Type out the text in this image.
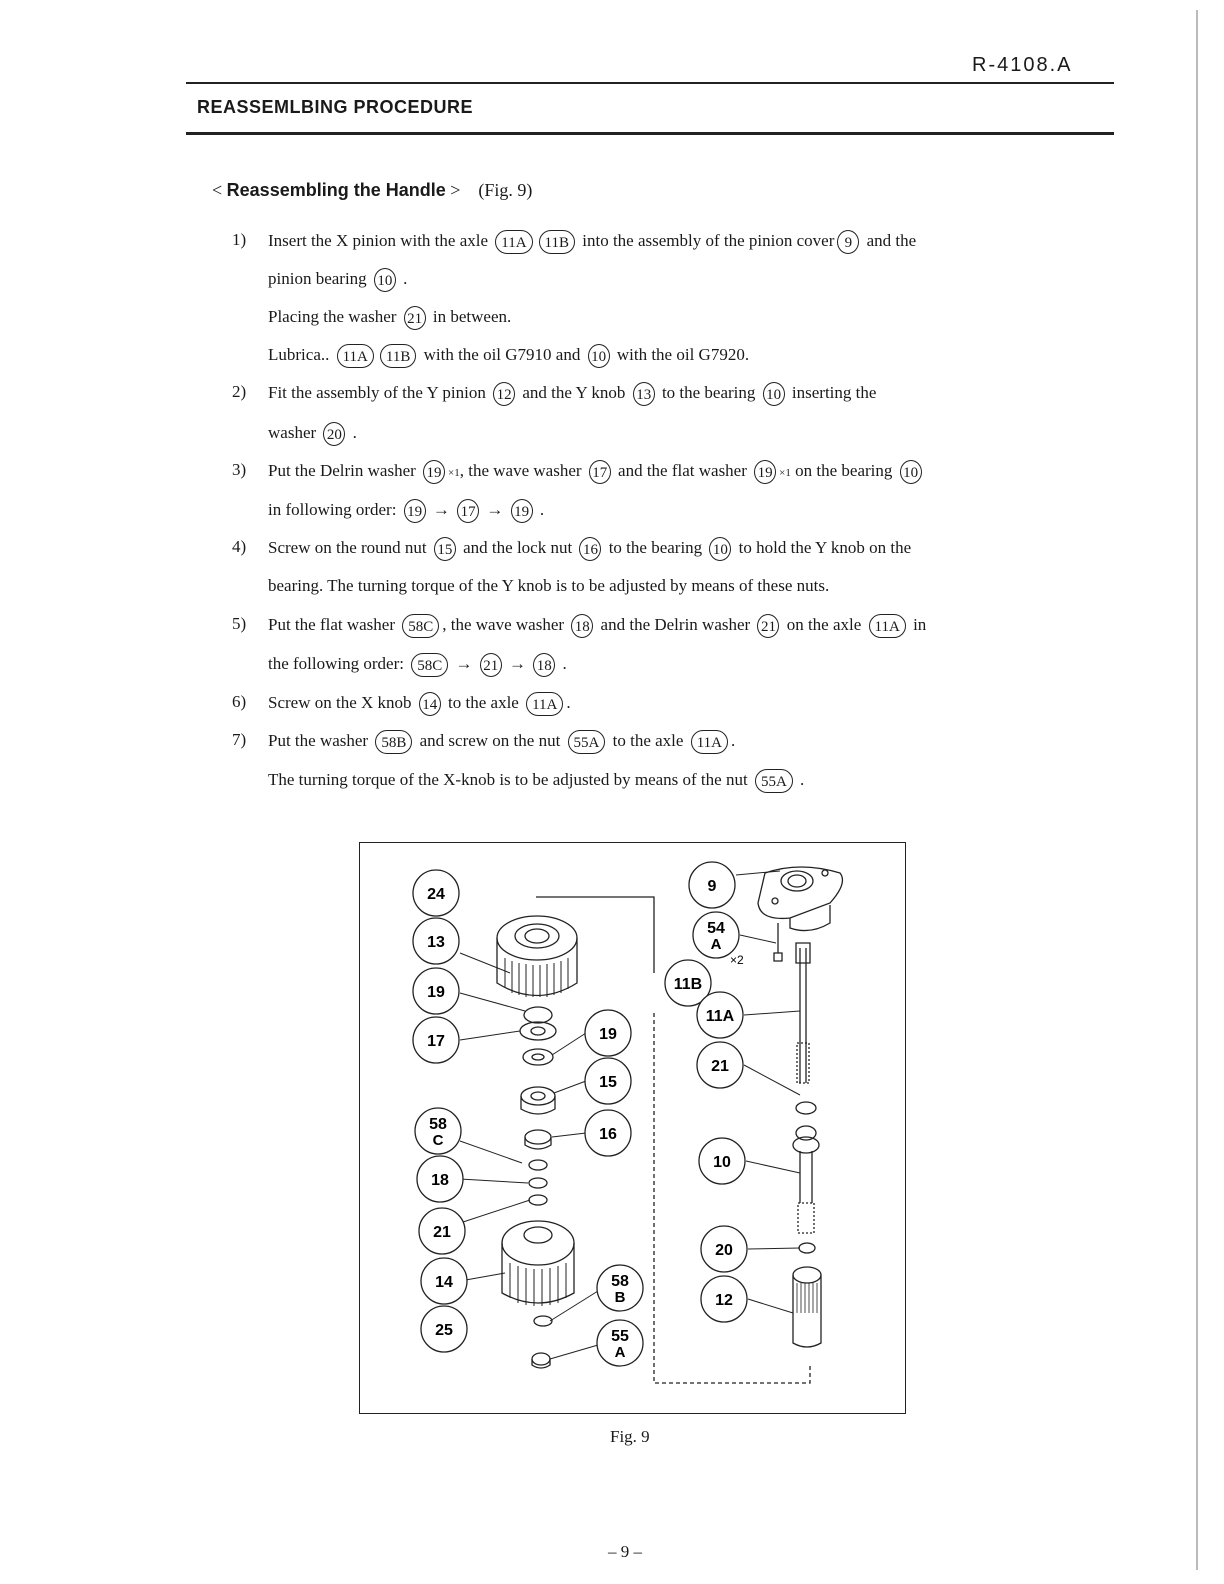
R-4108.A
REASSEMLBING PROCEDURE
< Reassembling the Handle > (Fig. 9)
1) Insert the X pinion with the axle 11A 11B into the assembly of the pinion cover 9 and the
pinion bearing 10 .
Placing the washer 21 in between.
Lubrica.. 11A 11B with the oil G7910 and 10 with the oil G7920.
2) Fit the assembly of the Y pinion 12 and the Y knob 13 to the bearing 10 inserting the
washer 20 .
3) Put the Delrin washer 19 ×1, the wave washer 17 and the flat washer 19 ×1 on the bearing 10
in following order: 19 → 17 → 19 .
4) Screw on the round nut 15 and the lock nut 16 to the bearing 10 to hold the Y knob on the
bearing. The turning torque of the Y knob is to be adjusted by means of these nuts.
5) Put the flat washer 58C , the wave washer 18 and the Delrin washer 21 on the axle 11A in
the following order: 58C → 21 → 18 .
6) Screw on the X knob 14 to the axle 11A .
7) Put the washer 58B and screw on the nut 55A to the axle 11A .
The turning torque of the X-knob is to be adjusted by means of the nut 55A .
24
13
19
17
58
C
18
21
14
25
19
15
16
58
B
55
A
9
54
A
11B
11A
21
10
20
12
×2
Fig. 9
– 9 –
